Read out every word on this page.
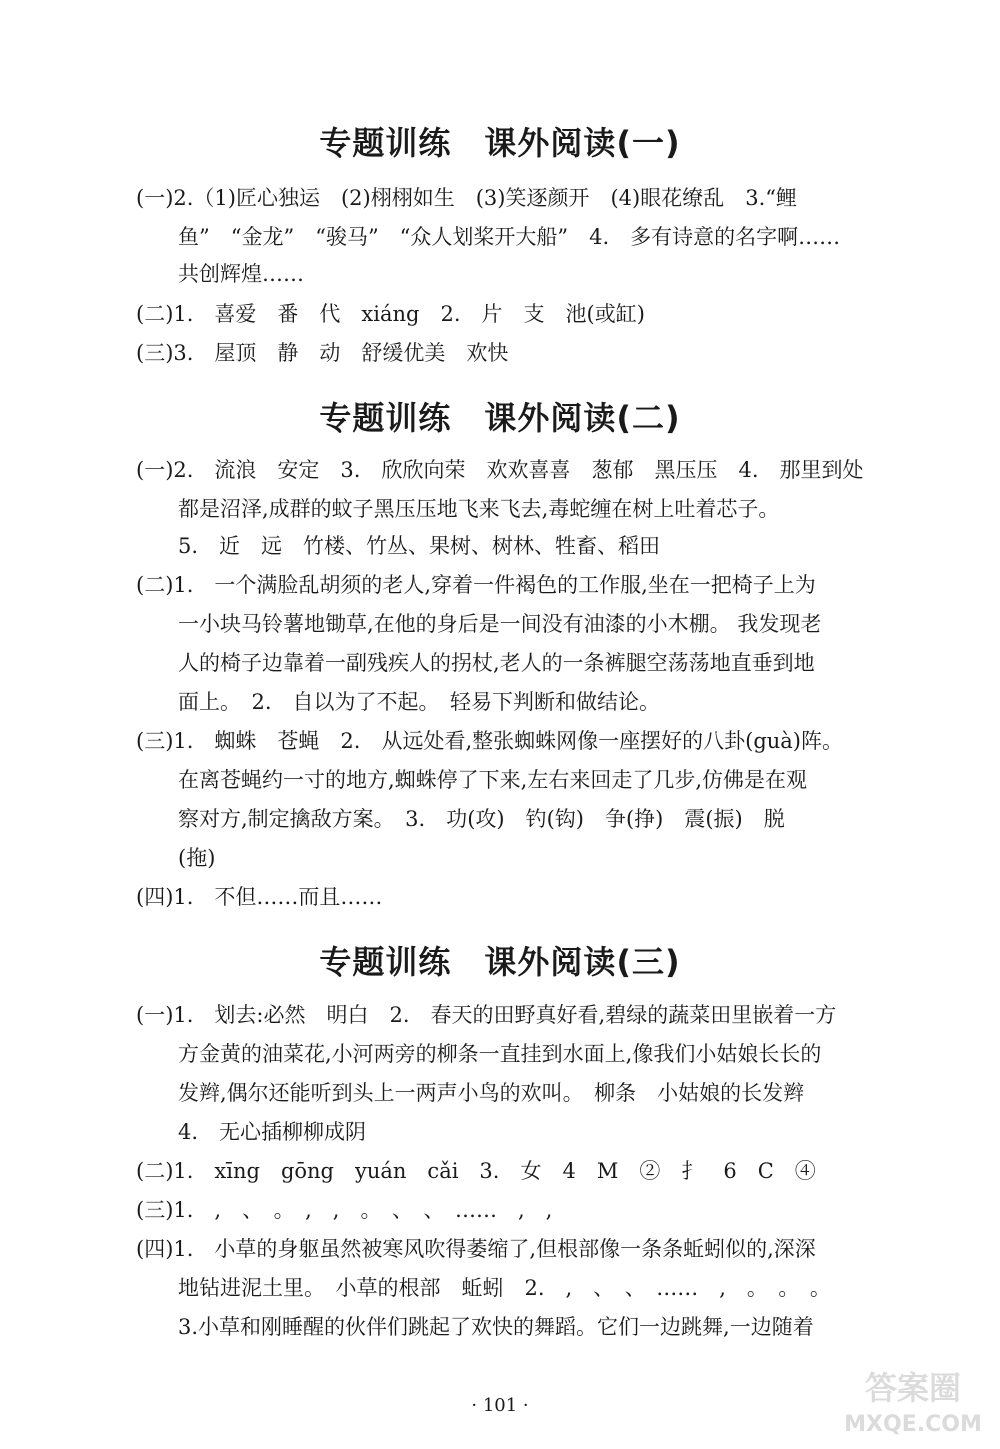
专题训练　课外阅读(一)
(一)2.（1)匠心独运　(2)栩栩如生　(3)笑逐颜开　(4)眼花缭乱　3.“鲤
鱼”　“金龙”　“骏马”　“众人划桨开大船”　4.　多有诗意的名字啊……
共创辉煌……
(二)1.　喜爱　番　代　xiáng　2.　片　支　池(或缸)
(三)3.　屋顶　静　动　舒缓优美　欢快
专题训练　课外阅读(二)
(一)2.　流浪　安定　3.　欣欣向荣　欢欢喜喜　葱郁　黑压压　4.　那里到处
都是沼泽,成群的蚊子黑压压地飞来飞去,毒蛇缠在树上吐着芯子。
5.　近　远　竹楼、竹丛、果树、树林、牲畜、稻田
(二)1.　一个满脸乱胡须的老人,穿着一件褐色的工作服,坐在一把椅子上为
一小块马铃薯地锄草,在他的身后是一间没有油漆的小木棚。 我发现老
人的椅子边靠着一副残疾人的拐杖,老人的一条裤腿空荡荡地直垂到地
面上。　2.　自以为了不起。　轻易下判断和做结论。
(三)1.　蜘蛛　苍蝇　2.　从远处看,整张蜘蛛网像一座摆好的八卦(guà)阵。
在离苍蝇约一寸的地方,蜘蛛停了下来,左右来回走了几步,仿佛是在观
察对方,制定擒敌方案。　3.　功(攻)　钓(钩)　争(挣)　震(振)　脱
(拖)
(四)1.　不但……而且……
专题训练　课外阅读(三)
(一)1.　划去:必然　明白　2.　春天的田野真好看,碧绿的蔬菜田里嵌着一方
方金黄的油菜花,小河两旁的柳条一直挂到水面上,像我们小姑娘长长的
发辫,偶尔还能听到头上一两声小鸟的欢叫。　柳条　小姑娘的长发辫
4.　无心插柳柳成阴
(二)1.　xīng　gōng　yuán　cǎi　3.　女　4　M　②　扌　6　C　④
(三)1.　,　、　。　,　,　。　、　、　……　,　,
(四)1.　小草的身躯虽然被寒风吹得萎缩了,但根部像一条条蚯蚓似的,深深
地钻进泥土里。　小草的根部　蚯蚓　2.　,　、　、　……　,　。　。　。
3.小草和刚睡醒的伙伴们跳起了欢快的舞蹈。它们一边跳舞,一边随着
· 101 ·	答案圈
MXQE.COM
